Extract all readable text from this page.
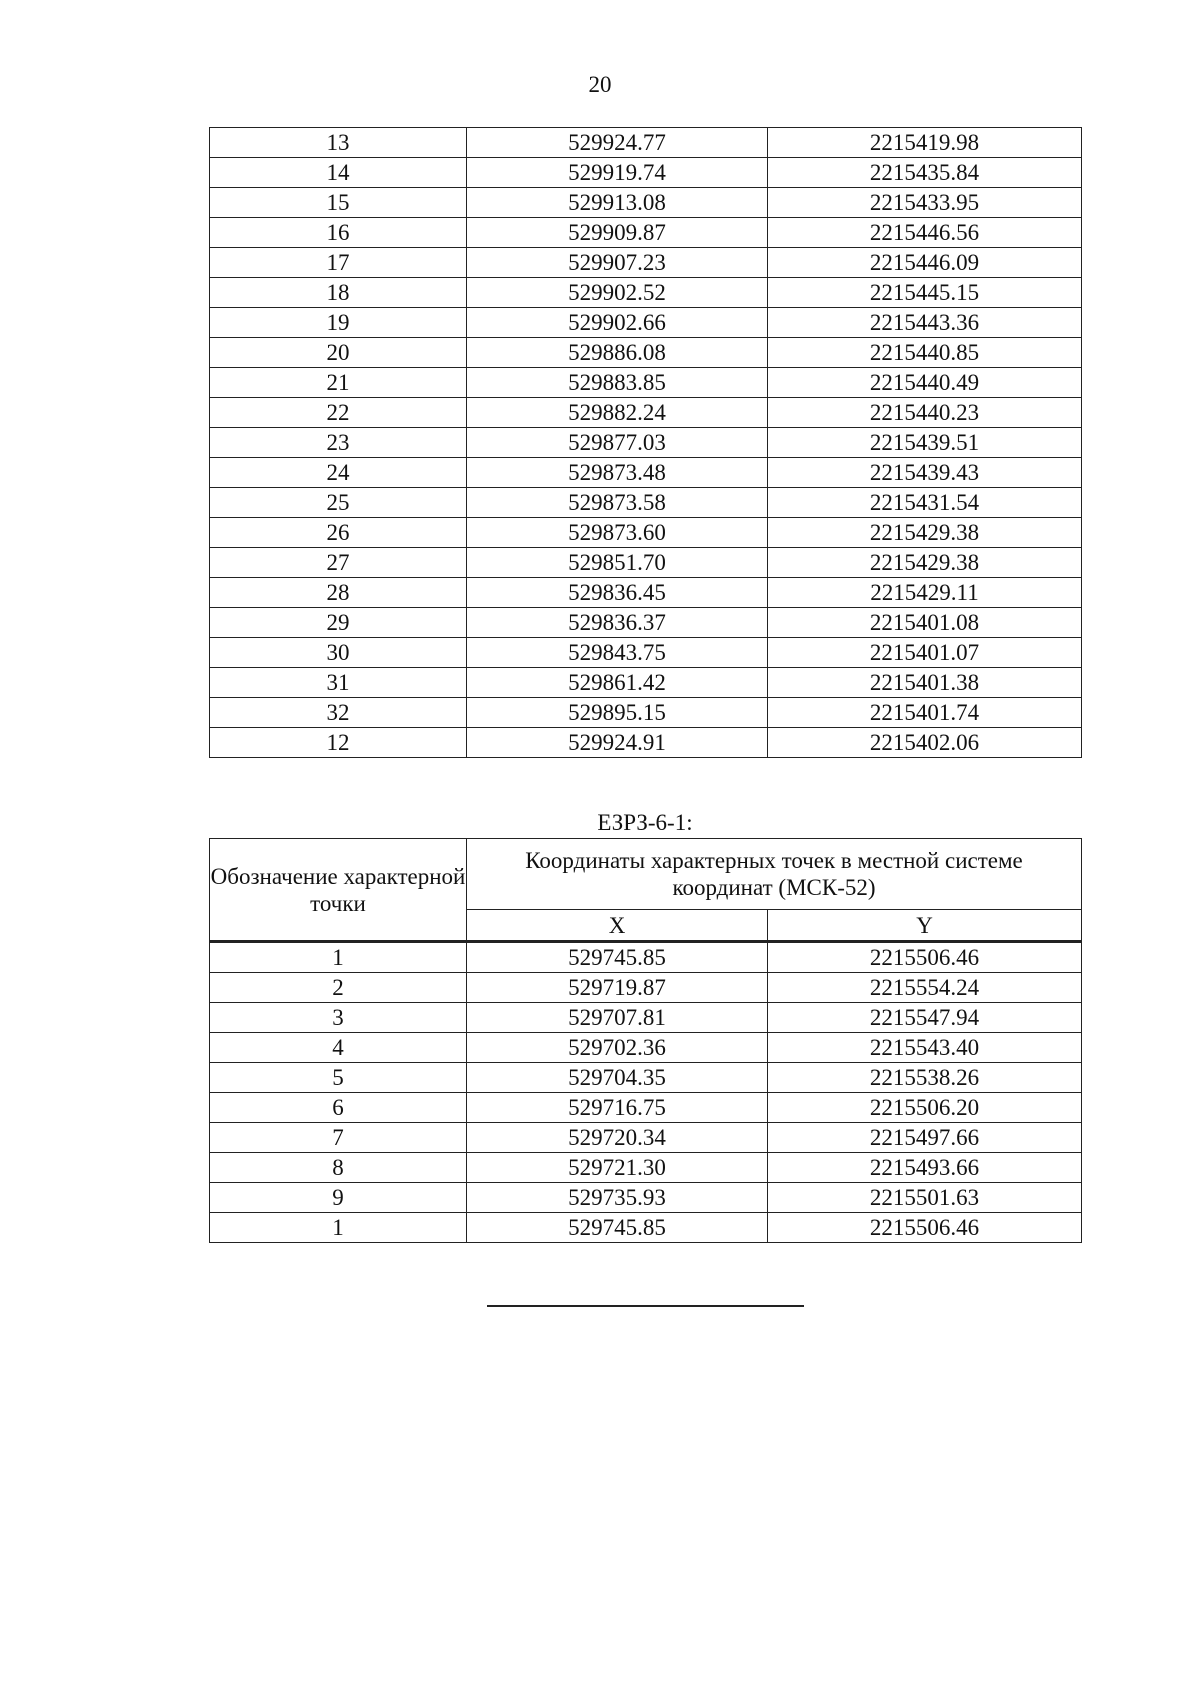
20
13	529924.77	2215419.98
14	529919.74	2215435.84
15	529913.08	2215433.95
16	529909.87	2215446.56
17	529907.23	2215446.09
18	529902.52	2215445.15
19	529902.66	2215443.36
20	529886.08	2215440.85
21	529883.85	2215440.49
22	529882.24	2215440.23
23	529877.03	2215439.51
24	529873.48	2215439.43
25	529873.58	2215431.54
26	529873.60	2215429.38
27	529851.70	2215429.38
28	529836.45	2215429.11
29	529836.37	2215401.08
30	529843.75	2215401.07
31	529861.42	2215401.38
32	529895.15	2215401.74
12	529924.91	2215402.06
ЕЗРЗ-6-1:
Обозначение характерной точки	Координаты характерных точек в местной системе координат (МСК-52)	
	X	Y
1	529745.85	2215506.46
2	529719.87	2215554.24
3	529707.81	2215547.94
4	529702.36	2215543.40
5	529704.35	2215538.26
6	529716.75	2215506.20
7	529720.34	2215497.66
8	529721.30	2215493.66
9	529735.93	2215501.63
1	529745.85	2215506.46
